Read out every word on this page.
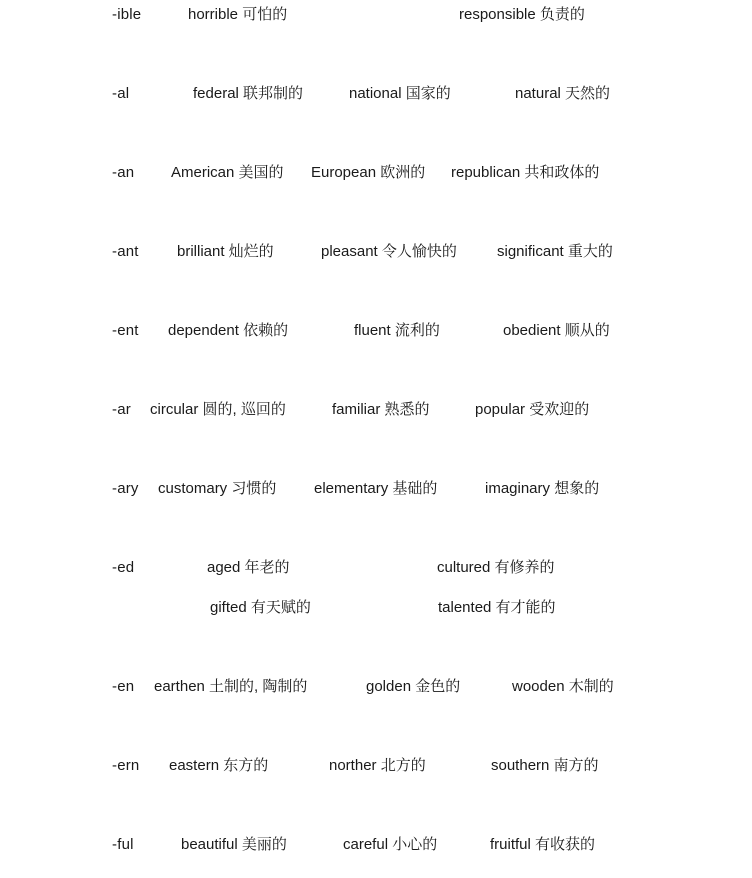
-ible	horrible 可怕的	responsible 负责的
-al	federal 联邦制的	national 国家的	natural 天然的
-an American 美国的 European 欧洲的 republican 共和政体的
-ant	brilliant 灿烂的	pleasant 令人愉快的	significant 重大的
-ent dependent 依赖的	fluent 流利的	obedient 顺从的
-ar circular 圆的, 巡回的	familiar 熟悉的	popular 受欢迎的
-ary customary 习惯的	elementary 基础的	imaginary 想象的
-ed	aged 年老的	cultured 有修养的
gifted 有天赋的	talented 有才能的
-en earthen 土制的, 陶制的	golden 金色的	wooden 木制的
-ern eastern 东方的	norther 北方的	southern 南方的
-ful	beautiful 美丽的	careful 小心的	fruitful 有收获的
